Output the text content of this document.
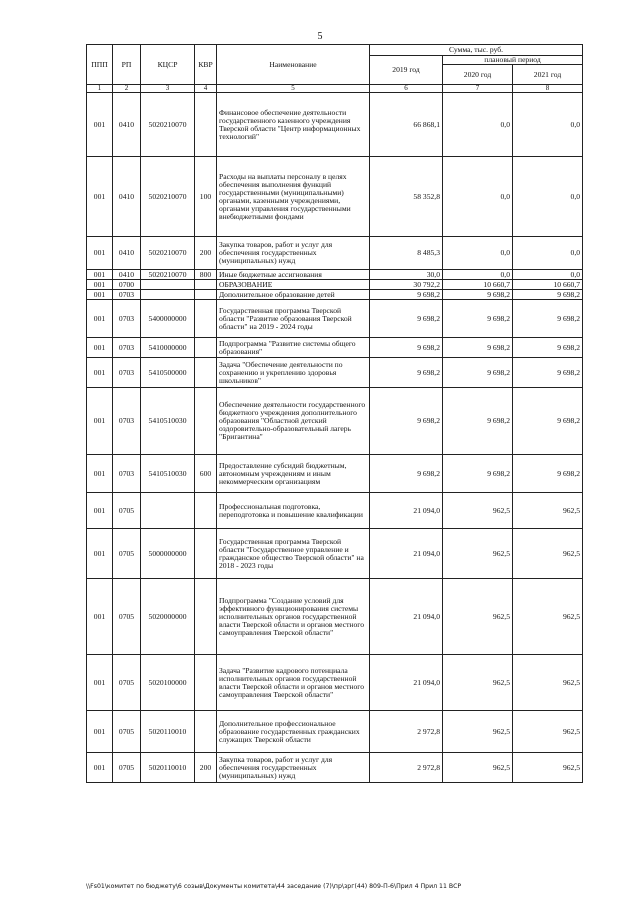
5
ППП	РП	КЦСР	КВР	Наименование	Сумма, тыс. руб.		
					2019 год	плановый период	
						2020 год	2021 год
1	2	3	4	5	6	7	8
001	0410	5020210070		Финансовое обеспечение деятельности государственного казенного учреждения Тверской области "Центр информационных технологий"	66 868,1	0,0	0,0
001	0410	5020210070	100	Расходы на выплаты персоналу в целях обеспечения выполнения функций государственными (муниципальными) органами, казенными учреждениями, органами управления государственными внебюджетными фондами	58 352,8	0,0	0,0
001	0410	5020210070	200	Закупка товаров, работ и услуг для обеспечения государственных (муниципальных) нужд	8 485,3	0,0	0,0
001	0410	5020210070	800	Иные бюджетные ассигнования	30,0	0,0	0,0
001	0700			ОБРАЗОВАНИЕ	30 792,2	10 660,7	10 660,7
001	0703			Дополнительное образование детей	9 698,2	9 698,2	9 698,2
001	0703	5400000000		Государственная программа Тверской области "Развитие образования Тверской области" на 2019 - 2024 годы	9 698,2	9 698,2	9 698,2
001	0703	5410000000		Подпрограмма "Развитие системы общего образования"	9 698,2	9 698,2	9 698,2
001	0703	5410500000		Задача "Обеспечение деятельности по сохранению и укреплению здоровья школьников"	9 698,2	9 698,2	9 698,2
001	0703	5410510030		Обеспечение деятельности государственного бюджетного учреждения дополнительного образования "Областной детский оздоровительно-образовательный лагерь "Бригантина"	9 698,2	9 698,2	9 698,2
001	0703	5410510030	600	Предоставление субсидий бюджетным, автономным учреждениям и иным некоммерческим организациям	9 698,2	9 698,2	9 698,2
001	0705			Профессиональная подготовка, переподготовка и повышение квалификации	21 094,0	962,5	962,5
001	0705	5000000000		Государственная программа Тверской области "Государственное управление и гражданское общество Тверской области" на 2018 - 2023 годы	21 094,0	962,5	962,5
001	0705	5020000000		Подпрограмма "Создание условий для эффективного функционирования системы исполнительных органов государственной власти Тверской области и органов местного самоуправления Тверской области"	21 094,0	962,5	962,5
001	0705	5020100000		Задача "Развитие кадрового потенциала исполнительных органов государственной власти Тверской области и органов местного самоуправления Тверской области"	21 094,0	962,5	962,5
001	0705	5020110010		Дополнительное профессиональное образование государственных гражданских служащих Тверской области	2 972,8	962,5	962,5
001	0705	5020110010	200	Закупка товаров, работ и услуг для обеспечения государственных (муниципальных) нужд	2 972,8	962,5	962,5
\\Fs01\комитет по бюджету\6 созыв\Документы комитета\44 заседание (7)\пр\зрг(44) 809-П-6\Прил 4 Прил 11 ВСР
